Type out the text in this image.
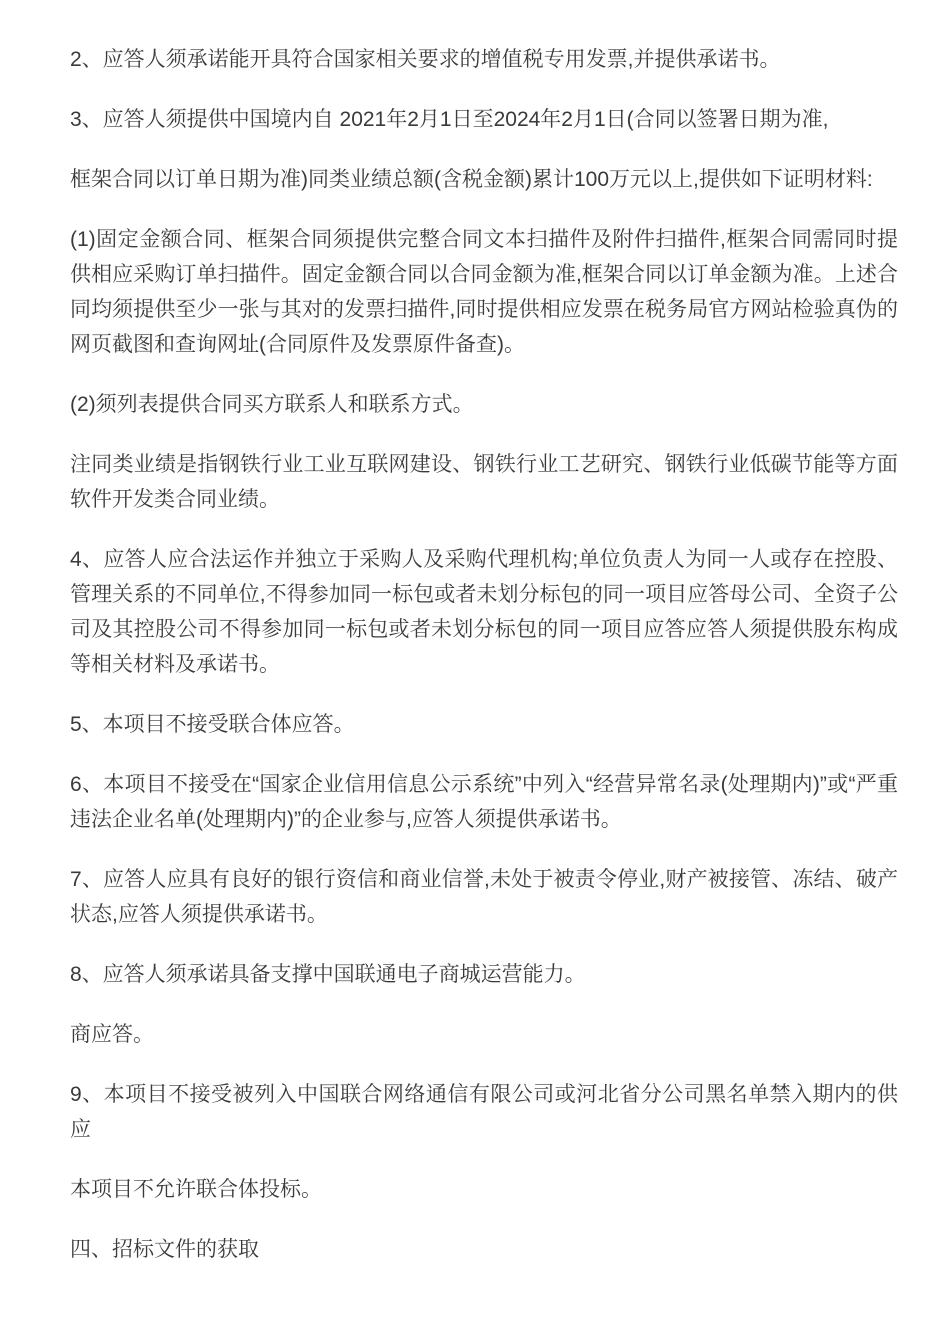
2、应答人须承诺能开具符合国家相关要求的增值税专用发票,并提供承诺书。

3、应答人须提供中国境内自 2021年2月1日至2024年2月1日(合同以签署日期为准,

框架合同以订单日期为准)同类业绩总额(含税金额)累计100万元以上,提供如下证明材料:

(1)固定金额合同、框架合同须提供完整合同文本扫描件及附件扫描件,框架合同需同时提供相应采购订单扫描件。固定金额合同以合同金额为准,框架合同以订单金额为准。上述合同均须提供至少一张与其对的发票扫描件,同时提供相应发票在税务局官方网站检验真伪的网页截图和查询网址(合同原件及发票原件备查)。

(2)须列表提供合同买方联系人和联系方式。

注同类业绩是指钢铁行业工业互联网建设、钢铁行业工艺研究、钢铁行业低碳节能等方面软件开发类合同业绩。

4、应答人应合法运作并独立于采购人及采购代理机构;单位负责人为同一人或存在控股、管理关系的不同单位,不得参加同一标包或者未划分标包的同一项目应答母公司、全资子公司及其控股公司不得参加同一标包或者未划分标包的同一项目应答应答人须提供股东构成等相关材料及承诺书。

5、本项目不接受联合体应答。

6、本项目不接受在“国家企业信用信息公示系统”中列入“经营异常名录(处理期内)”或“严重违法企业名单(处理期内)”的企业参与,应答人须提供承诺书。

7、应答人应具有良好的银行资信和商业信誉,未处于被责令停业,财产被接管、冻结、破产状态,应答人须提供承诺书。

8、应答人须承诺具备支撑中国联通电子商城运营能力。

商应答。

9、本项目不接受被列入中国联合网络通信有限公司或河北省分公司黑名单禁入期内的供应

本项目不允许联合体投标。

四、招标文件的获取
